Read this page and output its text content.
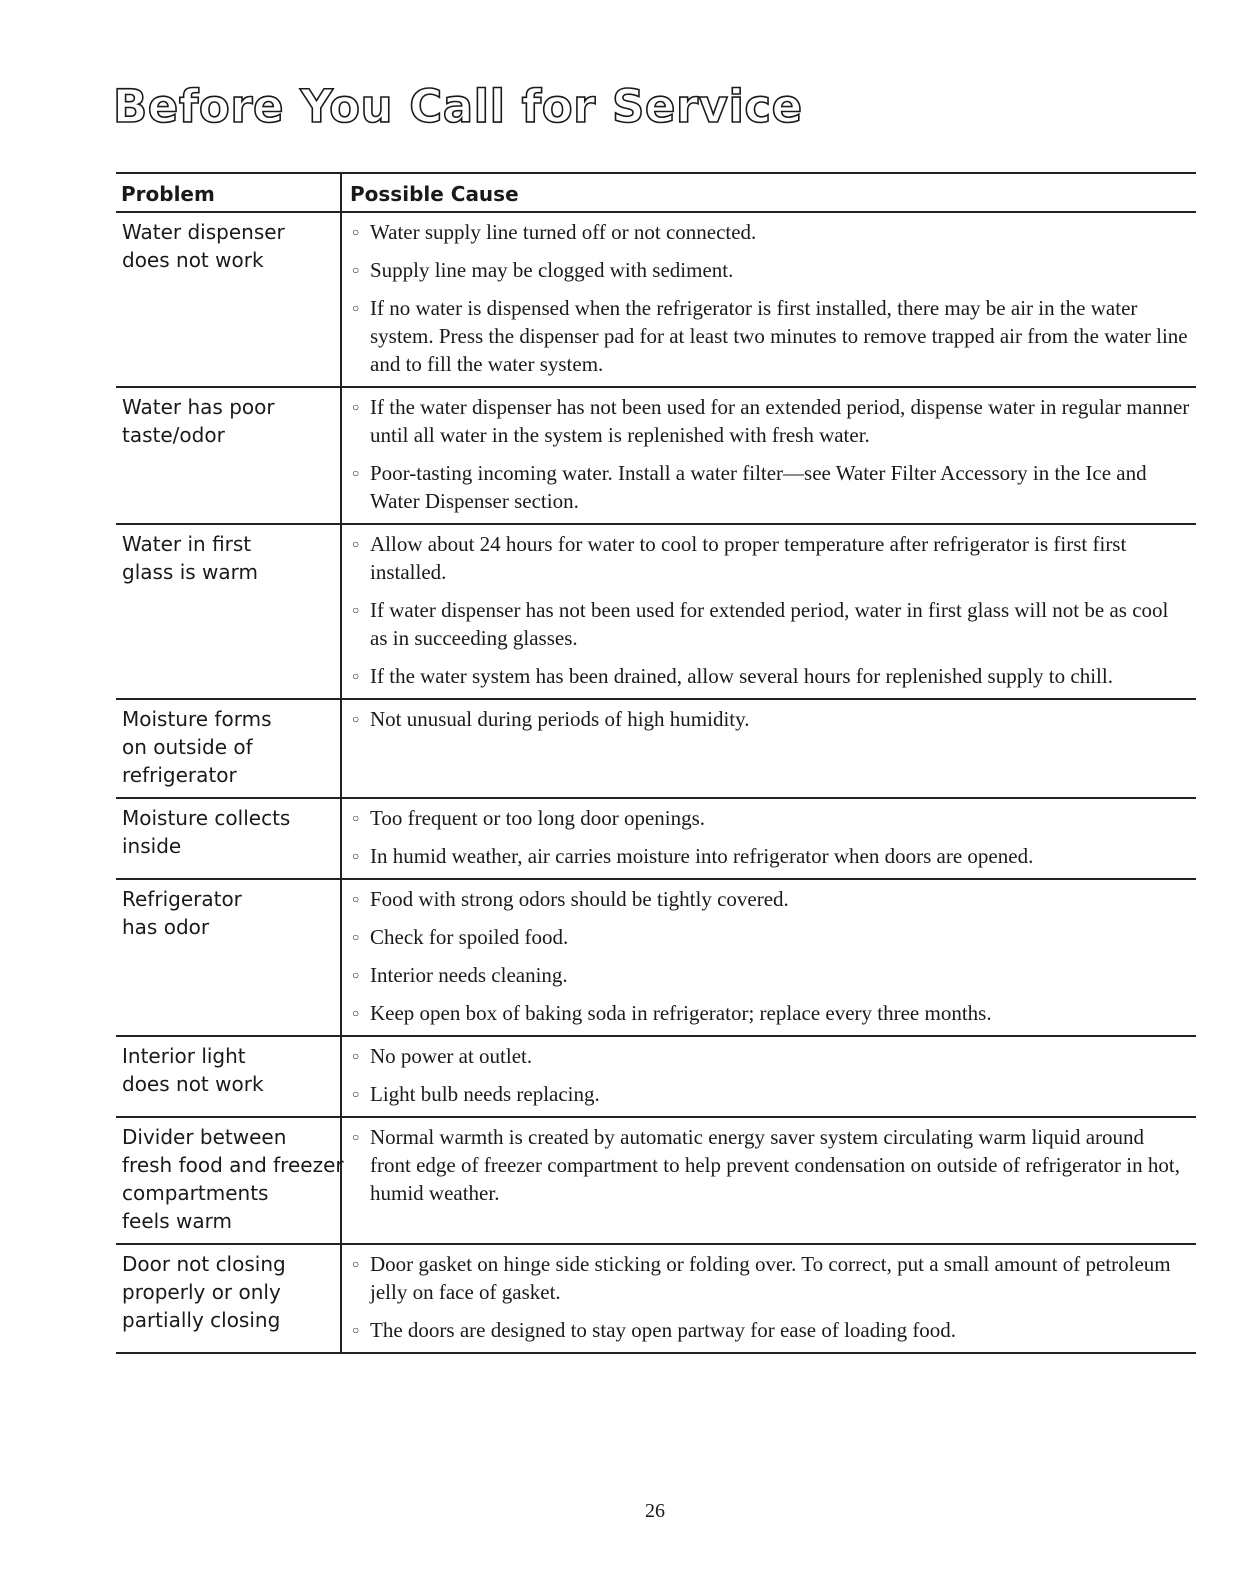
Before You Call for Service
Problem	Possible Cause
Water dispenser
does not work
○ Water supply line turned off or not connected.
○ Supply line may be clogged with sediment.
○ If no water is dispensed when the refrigerator is first installed, there may be air in the water system. Press the dispenser pad for at least two minutes to remove trapped air from the water line and to fill the water system.
Water has poor
taste/odor
○ If the water dispenser has not been used for an extended period, dispense water in regular manner until all water in the system is replenished with fresh water.
○ Poor-tasting incoming water. Install a water filter—see Water Filter Accessory in the Ice and Water Dispenser section.
Water in first
glass is warm
○ Allow about 24 hours for water to cool to proper temperature after refrigerator is first first installed.
○ If water dispenser has not been used for extended period, water in first glass will not be as cool as in succeeding glasses.
○ If the water system has been drained, allow several hours for replenished supply to chill.
Moisture forms
on outside of
refrigerator
○ Not unusual during periods of high humidity.
Moisture collects
inside
○ Too frequent or too long door openings.
○ In humid weather, air carries moisture into refrigerator when doors are opened.
Refrigerator
has odor
○ Food with strong odors should be tightly covered.
○ Check for spoiled food.
○ Interior needs cleaning.
○ Keep open box of baking soda in refrigerator; replace every three months.
Interior light
does not work
○ No power at outlet.
○ Light bulb needs replacing.
Divider between
fresh food and freezer
compartments
feels warm
○ Normal warmth is created by automatic energy saver system circulating warm liquid around front edge of freezer compartment to help prevent condensation on outside of refrigerator in hot, humid weather.
Door not closing
properly or only
partially closing
○ Door gasket on hinge side sticking or folding over. To correct, put a small amount of petroleum jelly on face of gasket.
○ The doors are designed to stay open partway for ease of loading food.
26
